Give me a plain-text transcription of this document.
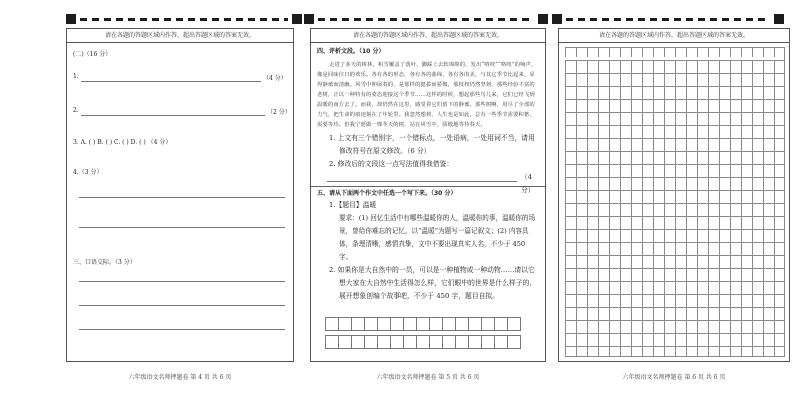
请在各题的答题区域内作答，超出答题区域的答案无效。
(二)（16 分）
1.	（4 分）
2.	（2 分）
3. A. ( ) B. ( ) C. ( ) D. ( ) （4 分）
4.（3 分）
三、口语交际。（3 分）
请在各题的答题区域内作答，超出答题区域的答案无效。
四、评析文段。（10 分）
走进了多天的树林，积雪覆盖了落叶，脚踩上去软绵绵的，发出“咯吱”“咯吱”的响声，像是回味往日的欢乐。各有各的形态，各有各的曲线，各有各的美，与其它季节比起来，显得静谧而清幽。风雪中伸展着的，是那样的挺拔而骄傲，那枝杈仍然坚韧，那些经验丰富的老树，正以一种特有的姿态迎接这个季节……这样的时候，想起那些鸟儿来，它们已经飞到温暖的南方去了。而我，却仍然在这里，感受着它们留下的静谧。那些树啊，用尽了全部的力气，把生命的痕迹刻在了年轮里。我忽然想到，人生也是如此，总有一些季节需要积蓄，需要等待。但我宁愿做一棵冬天的树，站在风雪中，骄傲地等待春天。
1. 上文有三个错别字，一个错标点，一处语病，一处用词不当，请用修改符号在原文修改。（6 分）
2. 修改后的文段这一点写法值得我借鉴：
（4 分）
五、请从下面两个作文中任选一个写下来。（30 分）
1.【题目】温暖
要求：(1) 回忆生活中有哪些温暖你的人，温暖你的事，温暖你的场景，曾给你难忘的记忆，以“温暖”为题写一篇记叙文；(2) 内容具体，条理清晰，感情真挚，文中不要出现真实人名，不少于 450 字。
2. 如果你是大自然中的一员，可以是一种植物或一种动物……请以它想大家在大自然中生活得怎么样，它们眼中的世界是什么样子的，展开想象创编个故事吧，不少于 450 字，题目自拟。
请在各题的答题区域内作答，超出答题区域的答案无效。
六年级语文名师押题卷 第 4 页 共 6 页	六年级语文名师押题卷 第 5 页 共 6 页	六年级语文名师押题卷 第 6 页 共 6 页
